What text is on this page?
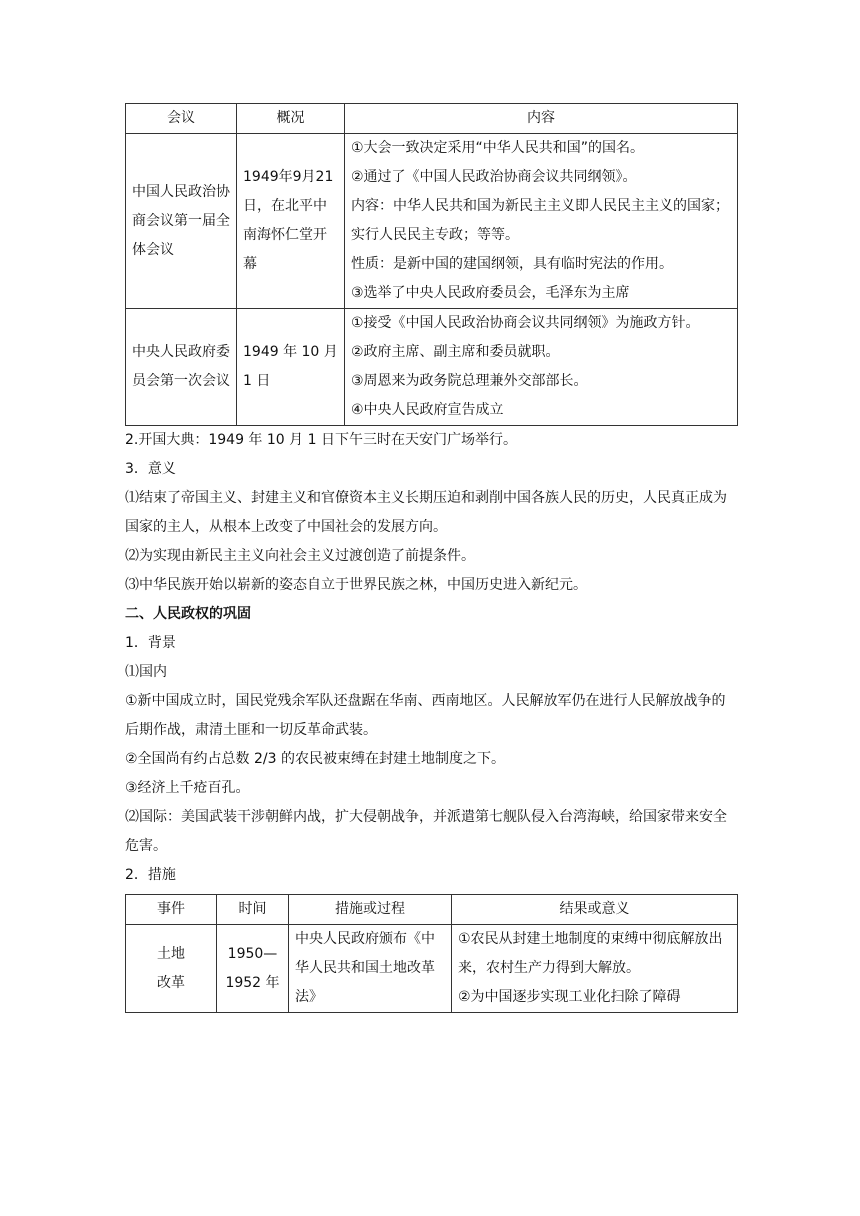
会议	概况	内容
中国人民政治协商会议第一届全体会议	1949年9月21日，在北平中南海怀仁堂开幕	①大会一致决定采用“中华人民共和国”的国名。
②通过了《中国人民政治协商会议共同纲领》。
内容：中华人民共和国为新民主主义即人民民主主义的国家；实行人民民主专政；等等。
性质：是新中国的建国纲领，具有临时宪法的作用。
③选举了中央人民政府委员会，毛泽东为主席

中央人民政府委员会第一次会议	1949 年 10 月 1 日	①接受《中国人民政治协商会议共同纲领》为施政方针。
②政府主席、副主席和委员就职。
③周恩来为政务院总理兼外交部部长。
④中央人民政府宣告成立

2.开国大典：1949 年 10 月 1 日下午三时在天安门广场举行。

3．意义

⑴结束了帝国主义、封建主义和官僚资本主义长期压迫和剥削中国各族人民的历史，人民真正成为国家的主人，从根本上改变了中国社会的发展方向。

⑵为实现由新民主主义向社会主义过渡创造了前提条件。

⑶中华民族开始以崭新的姿态自立于世界民族之林，中国历史进入新纪元。

二、人民政权的巩固

1．背景

⑴国内

①新中国成立时，国民党残余军队还盘踞在华南、西南地区。人民解放军仍在进行人民解放战争的后期作战，肃清土匪和一切反革命武装。

②全国尚有约占总数 2/3 的农民被束缚在封建土地制度之下。

③经济上千疮百孔。

⑵国际：美国武装干涉朝鲜内战，扩大侵朝战争，并派遣第七舰队侵入台湾海峡，给国家带来安全危害。

2．措施

事件	时间	措施或过程	结果或意义
土地改革	1950—1952 年	中央人民政府颁布《中华人民共和国土地改革法》	①农民从封建土地制度的束缚中彻底解放出来，农村生产力得到大解放。
②为中国逐步实现工业化扫除了障碍
